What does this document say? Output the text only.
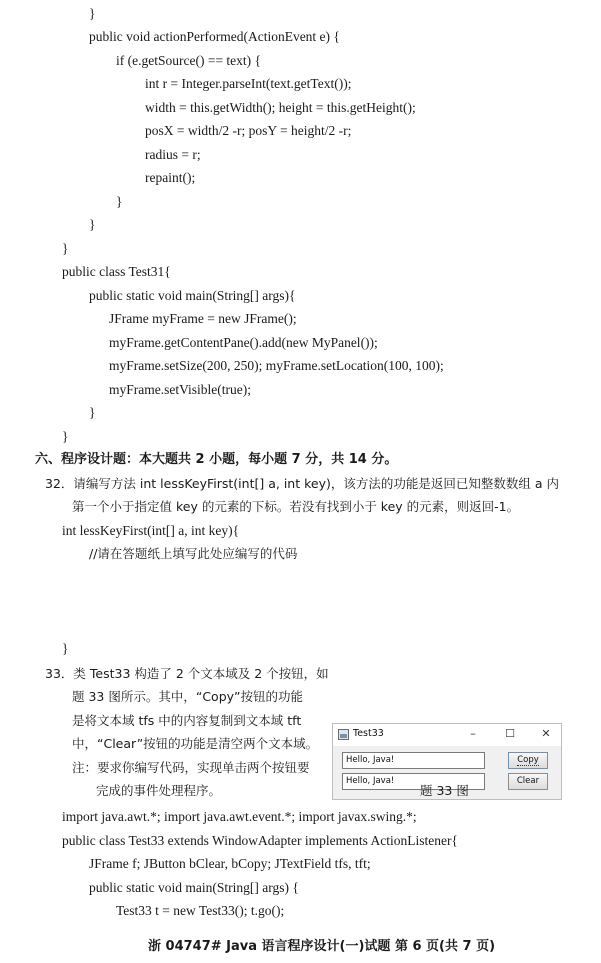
}
public void actionPerformed(ActionEvent e) {
if (e.getSource() == text) {
int r = Integer.parseInt(text.getText());
width = this.getWidth(); height = this.getHeight();
posX = width/2 -r; posY = height/2 -r;
radius = r;
repaint();
}
}
}
public class Test31{
public static void main(String[] args){
JFrame myFrame = new JFrame();
myFrame.getContentPane().add(new MyPanel());
myFrame.setSize(200, 250); myFrame.setLocation(100, 100);
myFrame.setVisible(true);
}
}
六、程序设计题：本大题共 2 小题，每小题 7 分，共 14 分。
32．请编写方法 int lessKeyFirst(int[] a, int key)，该方法的功能是返回已知整数数组 a 内
第一个小于指定值 key 的元素的下标。若没有找到小于 key 的元素，则返回-1。
int lessKeyFirst(int[] a, int key){
//请在答题纸上填写此处应编写的代码
}
33．类 Test33 构造了 2 个文本域及 2 个按钮，如
题 33 图所示。其中，“Copy”按钮的功能
是将文本域 tfs 中的内容复制到文本域 tft
中，“Clear”按钮的功能是清空两个文本域。
注：要求你编写代码，实现单击两个按钮要
完成的事件处理程序。
Test33	–	☐ ✕
Hello, Java!
Hello, Java!
Copy
Clear
题 33 图
import java.awt.*; import java.awt.event.*; import javax.swing.*;
public class Test33 extends WindowAdapter implements ActionListener{
JFrame f; JButton bClear, bCopy; JTextField tfs, tft;
public static void main(String[] args) {
Test33 t = new Test33(); t.go();
浙 04747# Java 语言程序设计(一)试题 第 6 页(共 7 页)
